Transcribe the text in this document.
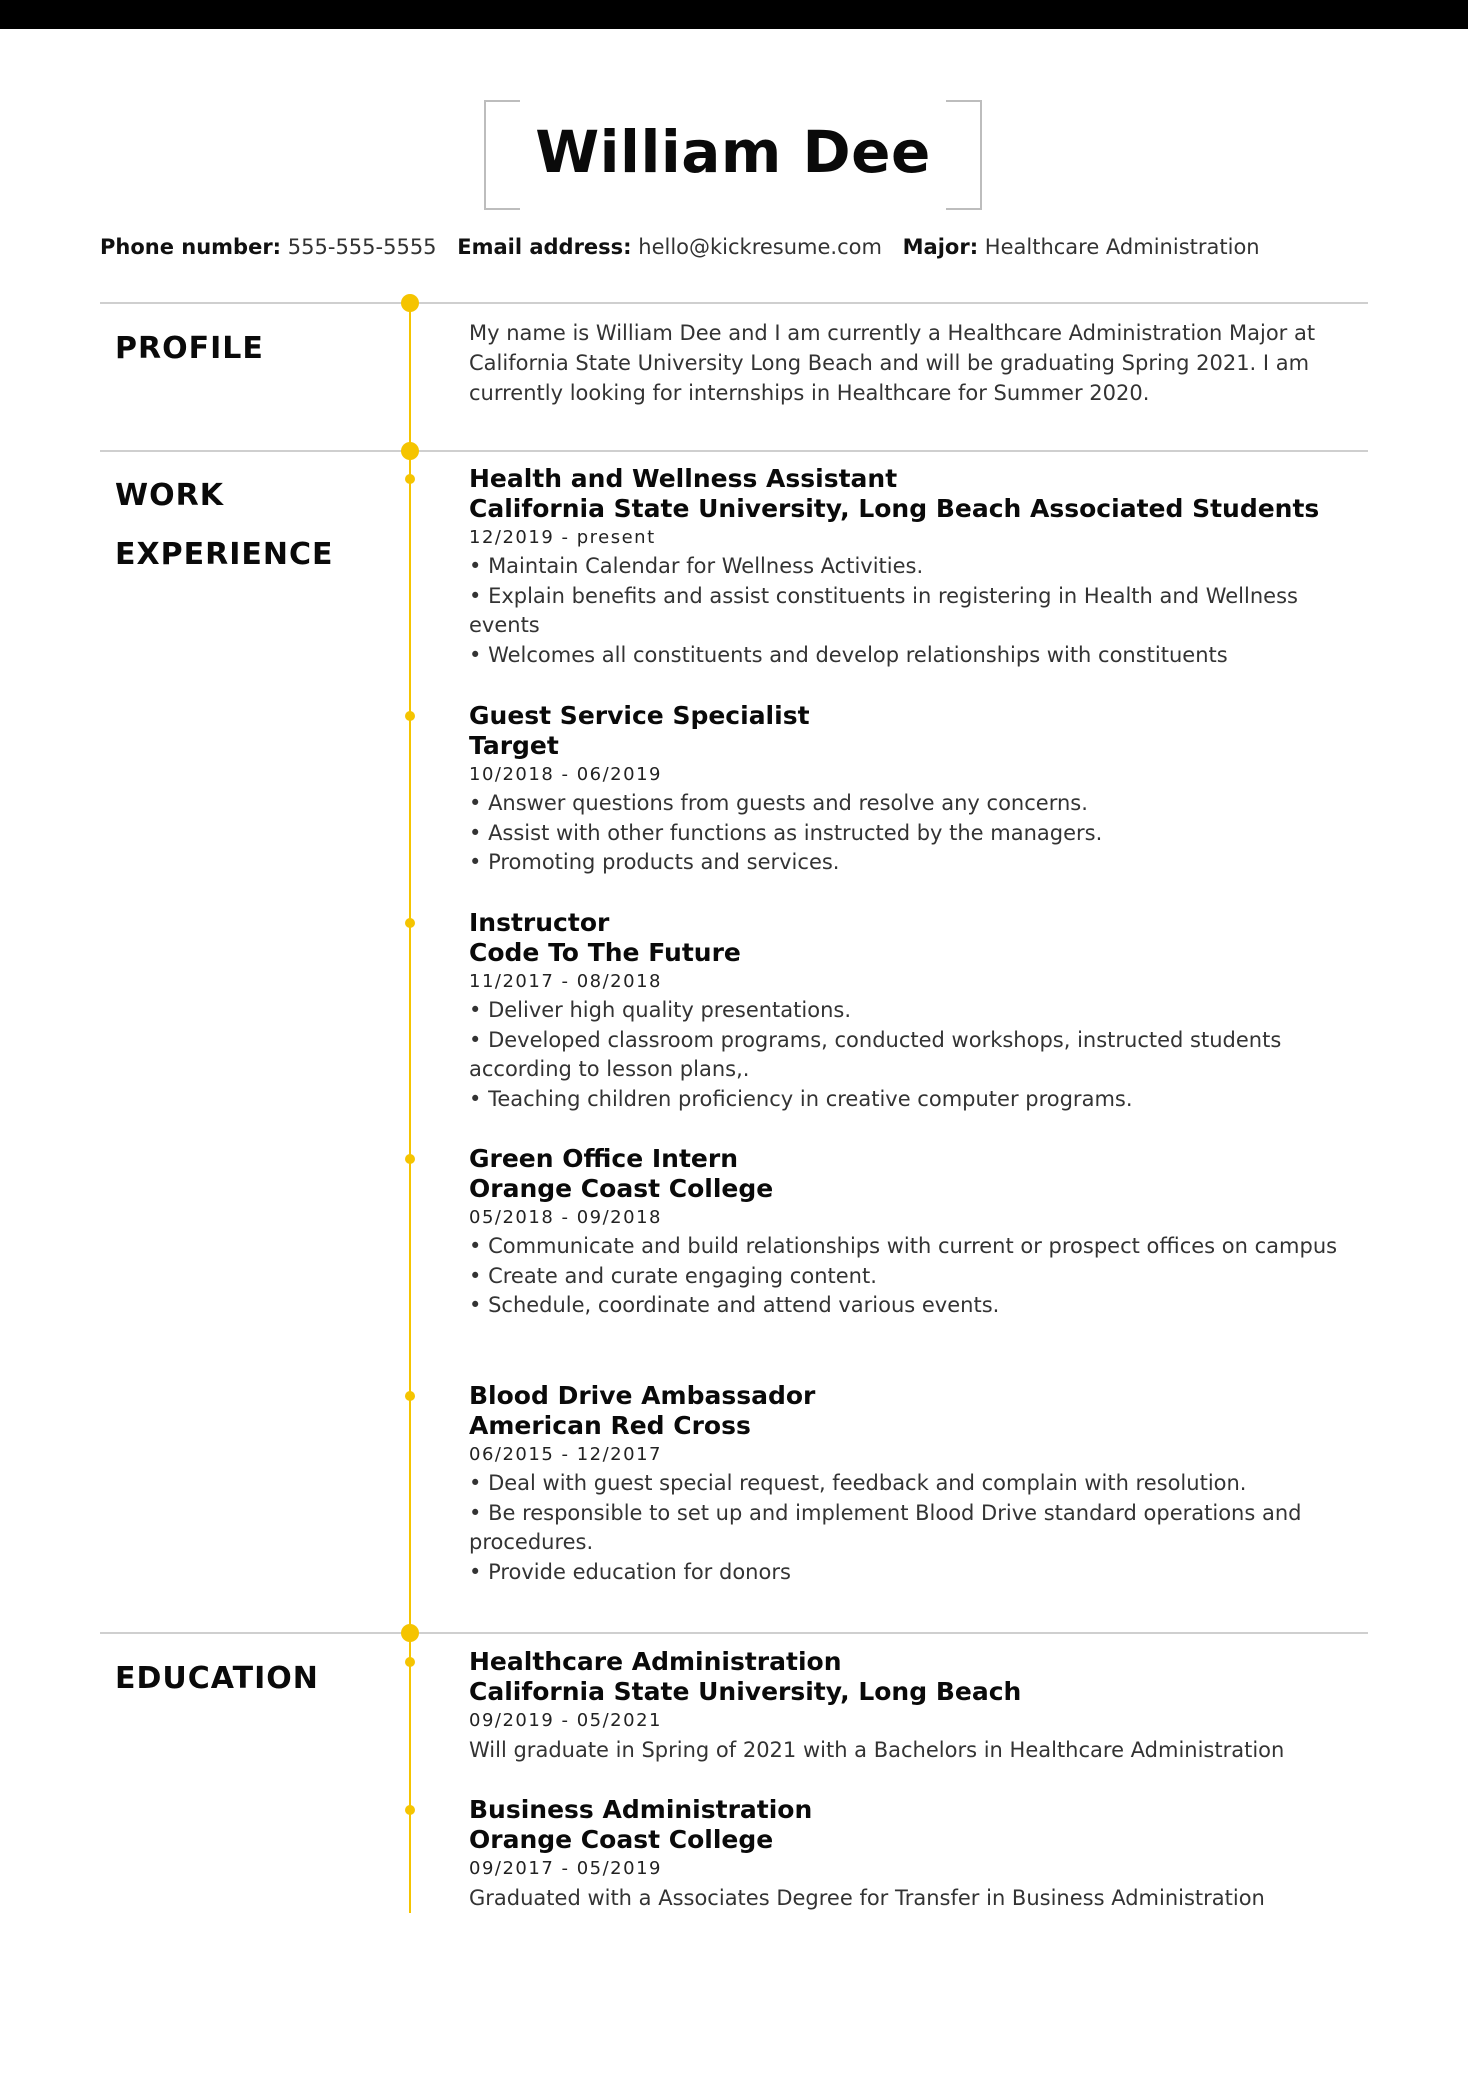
William Dee
Phone number: 555-555-5555 Email address: hello@kickresume.com Major: Healthcare Administration
PROFILE	My name is William Dee and I am currently a Healthcare Administration Major at California State University Long Beach and will be graduating Spring 2021. I am currently looking for internships in Healthcare for Summer 2020.
WORK
EXPERIENCE
Health and Wellness Assistant
California State University, Long Beach Associated Students
12/2019 - present
• Maintain Calendar for Wellness Activities.
• Explain benefits and assist constituents in registering in Health and Wellness events
• Welcomes all constituents and develop relationships with constituents
Guest Service Specialist
Target
10/2018 - 06/2019
• Answer questions from guests and resolve any concerns.
• Assist with other functions as instructed by the managers.
• Promoting products and services.
Instructor
Code To The Future
11/2017 - 08/2018
• Deliver high quality presentations.
• Developed classroom programs, conducted workshops, instructed students according to lesson plans,.
• Teaching children proficiency in creative computer programs.
Green Office Intern
Orange Coast College
05/2018 - 09/2018
• Communicate and build relationships with current or prospect offices on campus
• Create and curate engaging content.
• Schedule, coordinate and attend various events.
Blood Drive Ambassador
American Red Cross
06/2015 - 12/2017
• Deal with guest special request, feedback and complain with resolution.
• Be responsible to set up and implement Blood Drive standard operations and procedures.
• Provide education for donors
EDUCATION	Healthcare Administration
California State University, Long Beach
09/2019 - 05/2021
Will graduate in Spring of 2021 with a Bachelors in Healthcare Administration
Business Administration
Orange Coast College
09/2017 - 05/2019
Graduated with a Associates Degree for Transfer in Business Administration
